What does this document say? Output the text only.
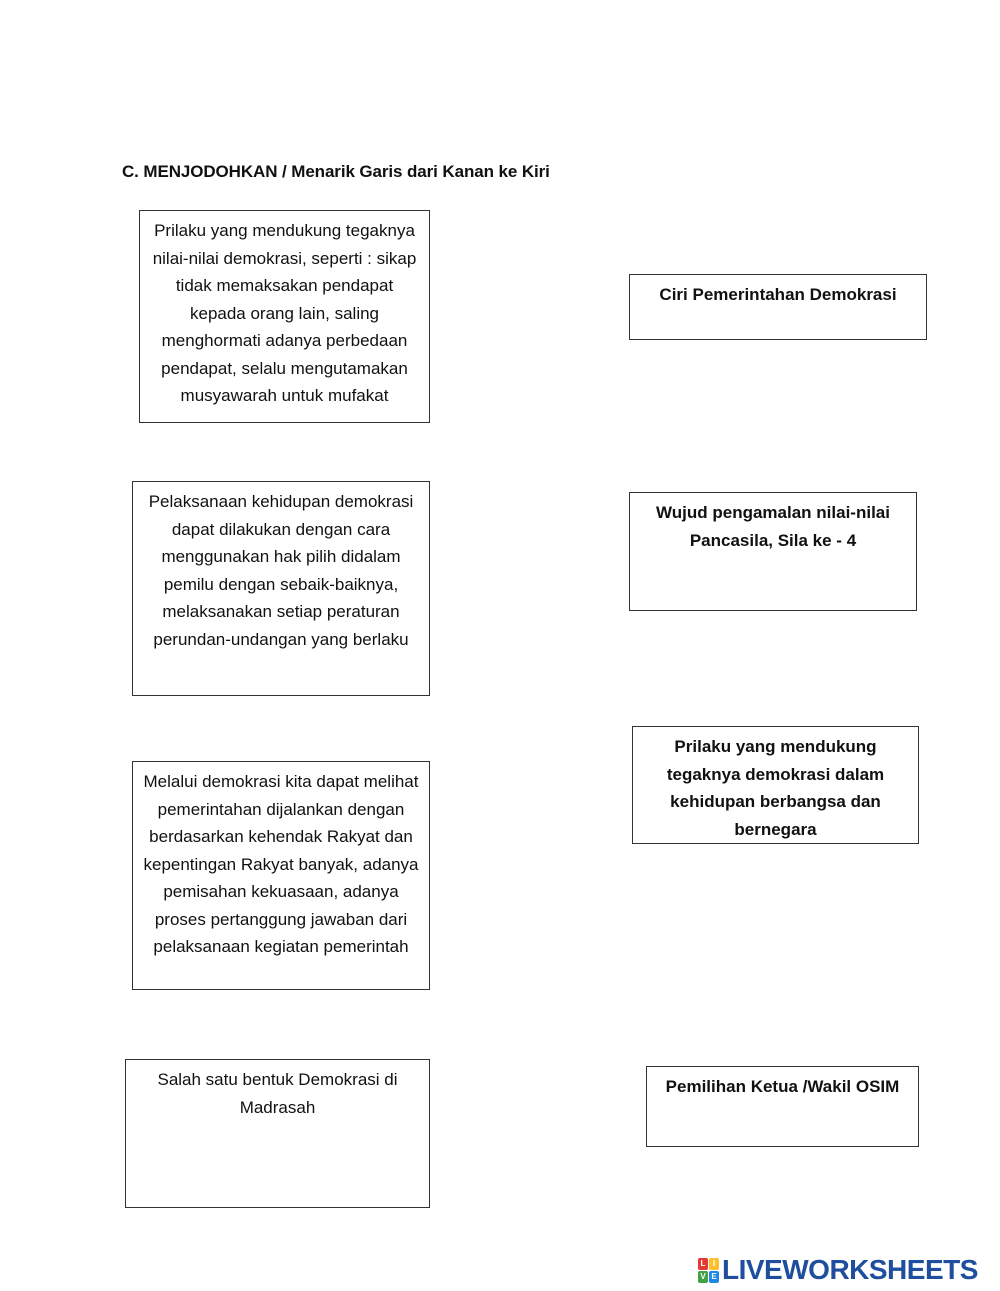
C. MENJODOHKAN / Menarik Garis dari Kanan ke Kiri
Prilaku yang mendukung tegaknya nilai-nilai demokrasi, seperti : sikap tidak memaksakan pendapat kepada orang lain, saling menghormati adanya perbedaan pendapat, selalu mengutamakan musyawarah untuk mufakat
Pelaksanaan kehidupan demokrasi dapat dilakukan dengan cara menggunakan hak pilih didalam pemilu dengan sebaik-baiknya, melaksanakan setiap peraturan perundan-undangan yang berlaku
Melalui demokrasi kita dapat melihat pemerintahan dijalankan dengan berdasarkan kehendak Rakyat dan kepentingan Rakyat banyak, adanya pemisahan kekuasaan, adanya proses pertanggung jawaban dari pelaksanaan kegiatan pemerintah
Salah satu bentuk Demokrasi di Madrasah
Ciri Pemerintahan Demokrasi
Wujud pengamalan nilai-nilai Pancasila, Sila ke - 4
Prilaku yang mendukung tegaknya demokrasi dalam kehidupan berbangsa dan bernegara
Pemilihan Ketua /Wakil OSIM
L I
V E LIVEWORKSHEETS
